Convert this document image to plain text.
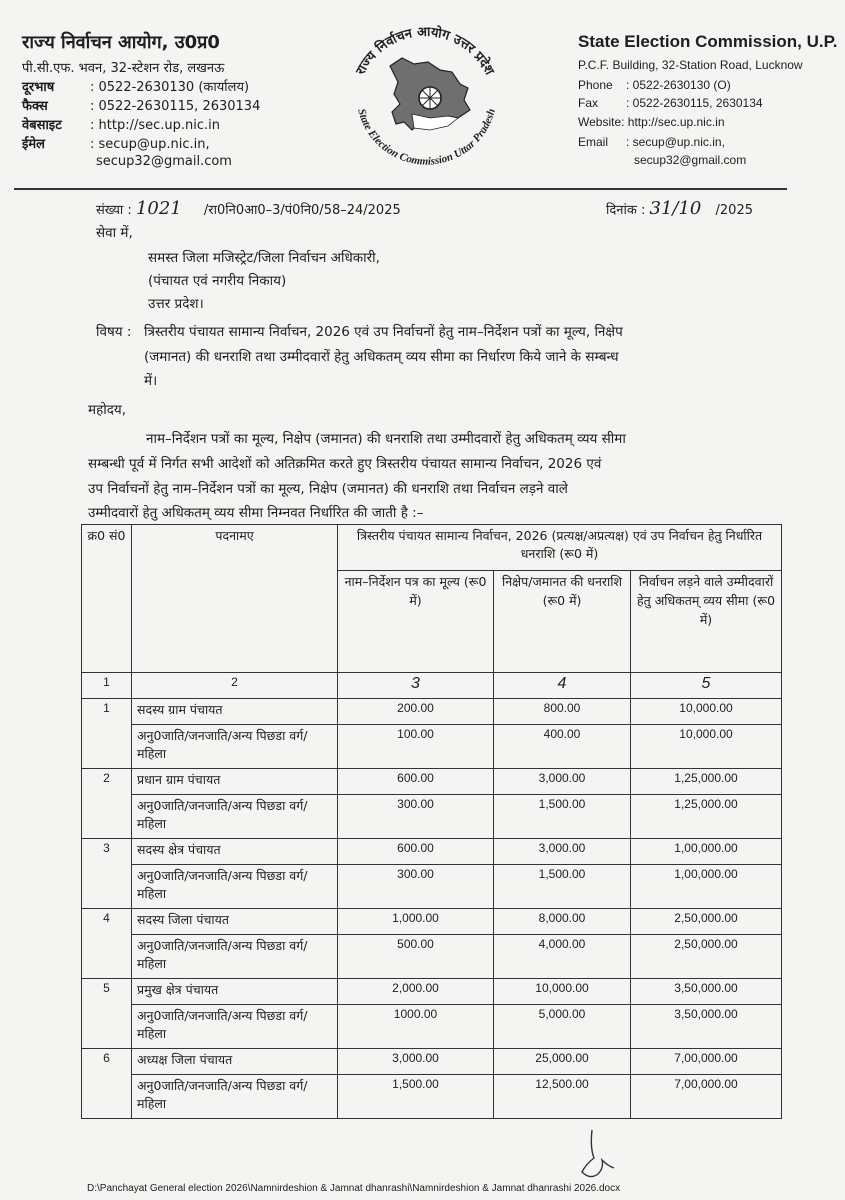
राज्य निर्वाचन आयोग, उ0प्र0
पी.सी.एफ. भवन, 32-स्टेशन रोड, लखनऊ
दूरभाष	: 0522-2630130 (कार्यालय)
फैक्स	: 0522-2630115, 2630134
वेबसाइट : http://sec.up.nic.in
ईमेल	: secup@up.nic.in,
secup32@gmail.com
राज्य निर्वाचन आयोग उत्तर प्रदेश
State Election Commission Uttar Pradesh
State Election Commission, U.P.
P.C.F. Building, 32-Station Road, Lucknow
Phone : 0522-2630130 (O)
Fax : 0522-2630115, 2630134
Website: http://sec.up.nic.in
Email : secup@up.nic.in,
secup32@gmail.com
संख्या : 1021 /रा0नि0आ0–3/पं0नि0/58–24/2025	दिनांक : 31/10 /2025
सेवा में,
समस्त जिला मजिस्ट्रेट/जिला निर्वाचन अधिकारी,
(पंचायत एवं नगरीय निकाय)
उत्तर प्रदेश।
विषय : त्रिस्तरीय पंचायत सामान्य निर्वाचन, 2026 एवं उप निर्वाचनों हेतु नाम–निर्देशन पत्रों का मूल्य, निक्षेप
(जमानत) की धनराशि तथा उम्मीदवारों हेतु अधिकतम् व्यय सीमा का निर्धारण किये जाने के सम्बन्ध
में।
महोदय,
नाम–निर्देशन पत्रों का मूल्य, निक्षेप (जमानत) की धनराशि तथा उम्मीदवारों हेतु अधिकतम् व्यय सीमा
सम्बन्धी पूर्व में निर्गत सभी आदेशों को अतिक्रमित करते हुए त्रिस्तरीय पंचायत सामान्य निर्वाचन, 2026 एवं
उप निर्वाचनों हेतु नाम–निर्देशन पत्रों का मूल्य, निक्षेप (जमानत) की धनराशि तथा निर्वाचन लड़ने वाले
उम्मीदवारों हेतु अधिकतम् व्यय सीमा निम्नवत निर्धारित की जाती है :–
क्र0 सं0	पदनामए	त्रिस्तरीय पंचायत सामान्य निर्वाचन, 2026 (प्रत्यक्ष/अप्रत्यक्ष) एवं उप निर्वाचन हेतु निर्धारित धनराशि (रू0 में)		
		नाम–निर्देशन पत्र का मूल्य (रू0 में)	निक्षेप/जमानत की धनराशि (रू0 में)	निर्वाचन लड़ने वाले उम्मीदवारों हेतु अधिकतम् व्यय सीमा (रू0 में)
1	2	3	4	5
1	सदस्य ग्राम पंचायत	200.00	800.00	10,000.00
	अनु0जाति/जनजाति/अन्य पिछडा वर्ग/महिला	100.00	400.00	10,000.00
2	प्रधान ग्राम पंचायत	600.00	3,000.00	1,25,000.00
	अनु0जाति/जनजाति/अन्य पिछडा वर्ग/महिला	300.00	1,500.00	1,25,000.00
3	सदस्य क्षेत्र पंचायत	600.00	3,000.00	1,00,000.00
	अनु0जाति/जनजाति/अन्य पिछडा वर्ग/महिला	300.00	1,500.00	1,00,000.00
4	सदस्य जिला पंचायत	1,000.00	8,000.00	2,50,000.00
	अनु0जाति/जनजाति/अन्य पिछडा वर्ग/महिला	500.00	4,000.00	2,50,000.00
5	प्रमुख क्षेत्र पंचायत	2,000.00	10,000.00	3,50,000.00
	अनु0जाति/जनजाति/अन्य पिछडा वर्ग/महिला	1000.00	5,000.00	3,50,000.00
6	अध्यक्ष जिला पंचायत	3,000.00	25,000.00	7,00,000.00
	अनु0जाति/जनजाति/अन्य पिछडा वर्ग/महिला	1,500.00	12,500.00	7,00,000.00
D:\Panchayat General election 2026\Namnirdeshion & Jamnat dhanrashi\Namnirdeshion & Jamnat dhanrashi 2026.docx
